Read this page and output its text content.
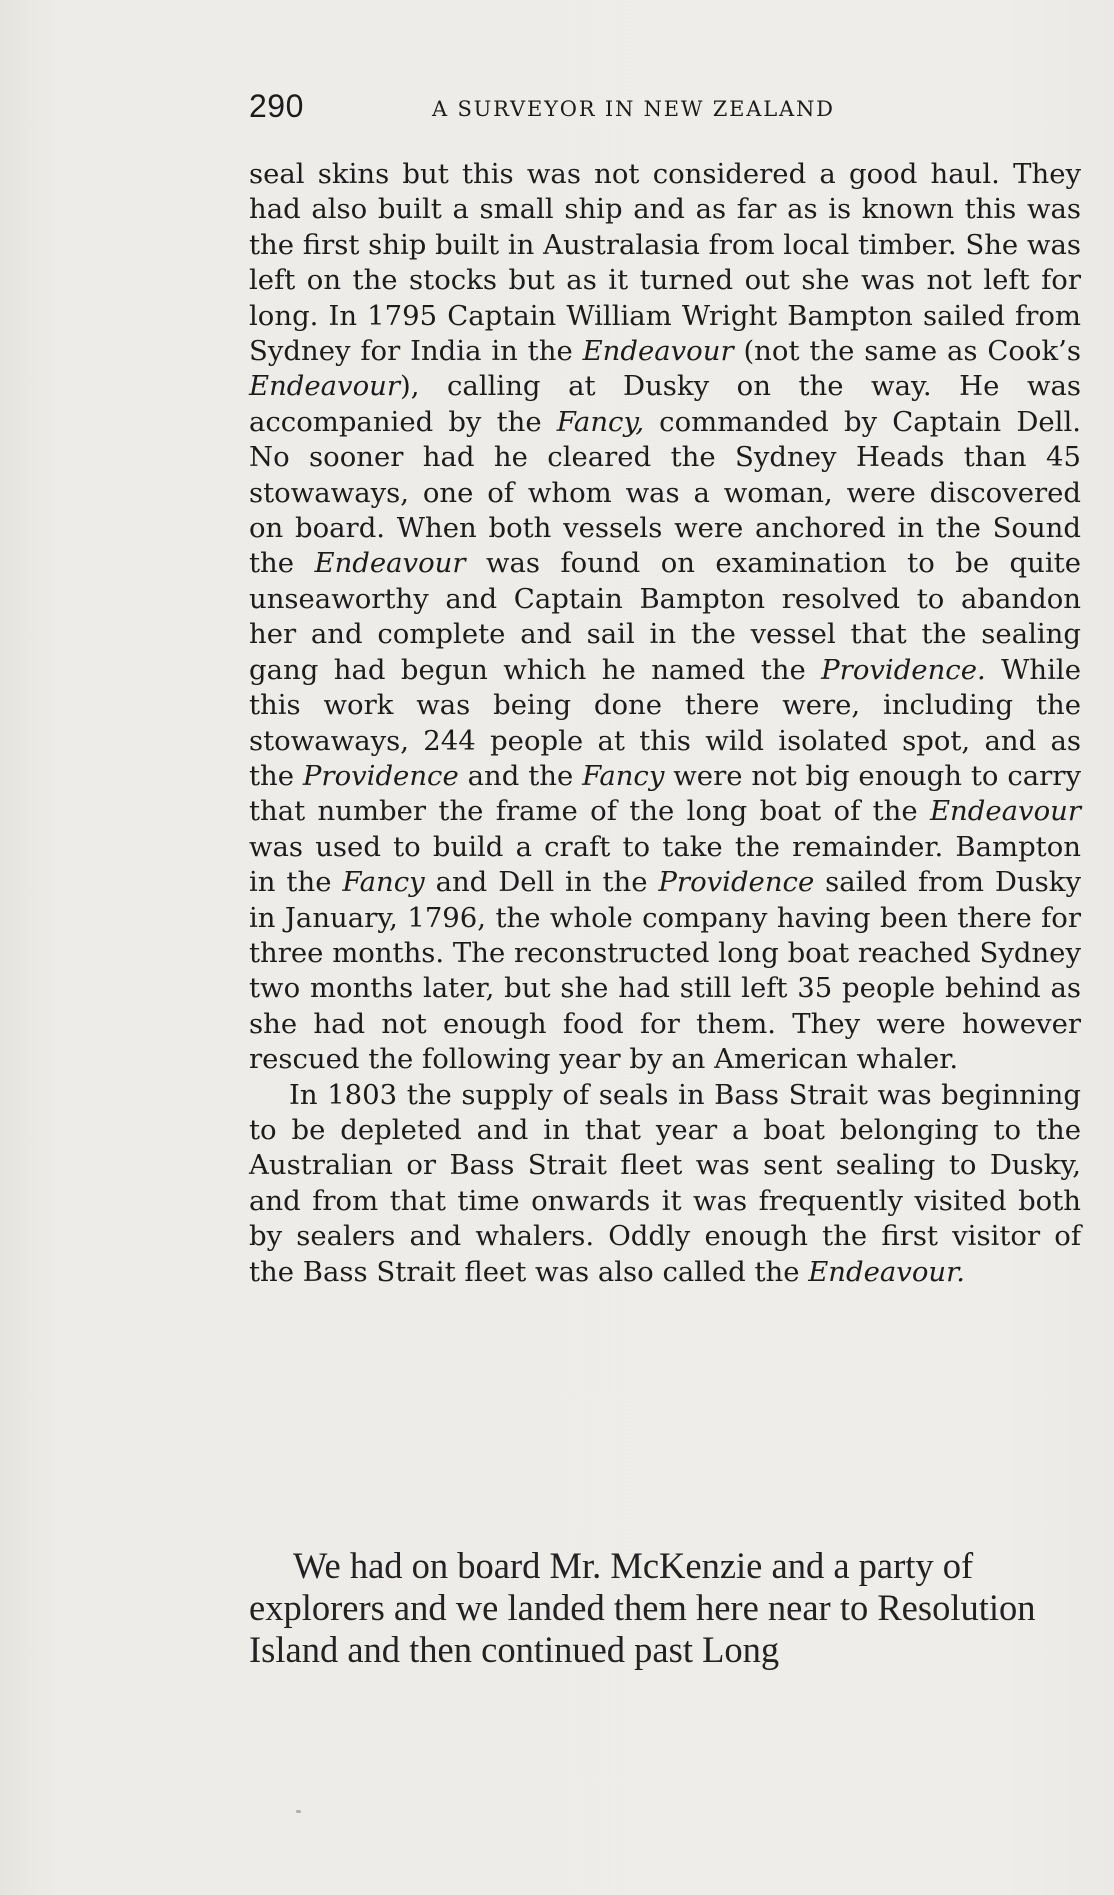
290	A SURVEYOR IN NEW ZEALAND

seal skins but this was not considered a good haul. They had also built a small ship and as far as is known this was the first ship built in Australasia from local timber. She was left on the stocks but as it turned out she was not left for long. In 1795 Captain William Wright Bampton sailed from Sydney for India in the Endeavour (not the same as Cook’s Endeavour), calling at Dusky on the way. He was accompanied by the Fancy, commanded by Captain Dell. No sooner had he cleared the Sydney Heads than 45 stowaways, one of whom was a woman, were discovered on board. When both vessels were anchored in the Sound the Endeavour was found on examination to be quite unseaworthy and Captain Bampton resolved to abandon her and complete and sail in the vessel that the sealing gang had begun which he named the Providence. While this work was being done there were, including the stowaways, 244 people at this wild isolated spot, and as the Providence and the Fancy were not big enough to carry that number the frame of the long boat of the Endeavour was used to build a craft to take the remainder. Bampton in the Fancy and Dell in the Providence sailed from Dusky in January, 1796, the whole company having been there for three months. The reconstructed long boat reached Sydney two months later, but she had still left 35 people behind as she had not enough food for them. They were however rescued the following year by an American whaler.

In 1803 the supply of seals in Bass Strait was beginning to be depleted and in that year a boat belonging to the Australian or Bass Strait fleet was sent sealing to Dusky, and from that time onwards it was frequently visited both by sealers and whalers. Oddly enough the first visitor of the Bass Strait fleet was also called the Endeavour.

We had on board Mr. McKenzie and a party of explorers and we landed them here near to Resolution Island and then continued past Long
